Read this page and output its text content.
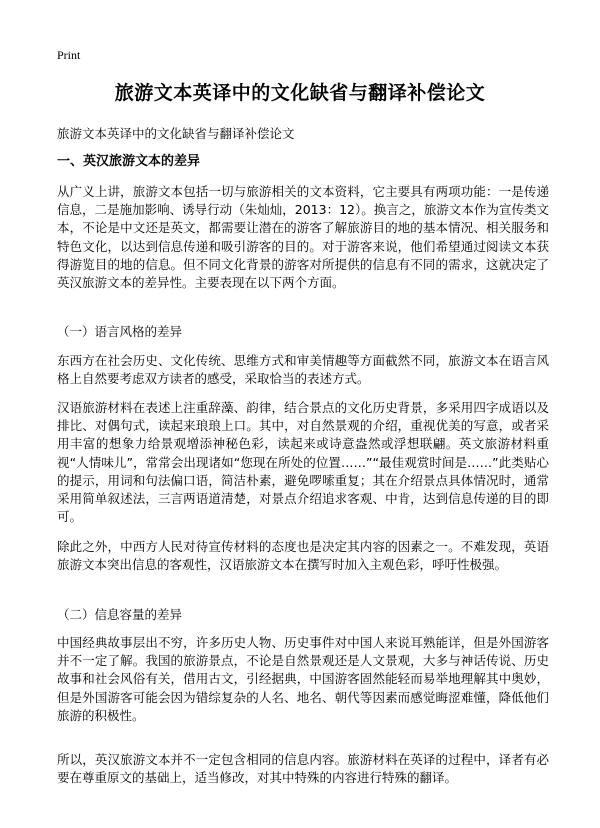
Print
旅游文本英译中的文化缺省与翻译补偿论文
旅游文本英译中的文化缺省与翻译补偿论文
一、英汉旅游文本的差异
从广义上讲，旅游文本包括一切与旅游相关的文本资料，它主要具有两项功能：一是传递信息，二是施加影响、诱导行动（朱灿灿，2013：12）。换言之，旅游文本作为宣传类文本，不论是中文还是英文，都需要让潜在的游客了解旅游目的地的基本情况、相关服务和特色文化，以达到信息传递和吸引游客的目的。对于游客来说，他们希望通过阅读文本获得游览目的地的信息。但不同文化背景的游客对所提供的信息有不同的需求，这就决定了英汉旅游文本的差异性。主要表现在以下两个方面。
（一）语言风格的差异
东西方在社会历史、文化传统、思维方式和审美情趣等方面截然不同，旅游文本在语言风格上自然要考虑双方读者的感受，采取恰当的表述方式。
汉语旅游材料在表述上注重辞藻、韵律，结合景点的文化历史背景，多采用四字成语以及排比、对偶句式，读起来琅琅上口。其中，对自然景观的介绍，重视优美的写意，或者采用丰富的想象力给景观增添神秘色彩，读起来或诗意盎然或浮想联翩。英文旅游材料重视“人情味儿”，常常会出现诸如“您现在所处的位置……”“最佳观赏时间是……”此类贴心的提示，用词和句法偏口语，简洁朴素，避免啰嗦重复；其在介绍景点具体情况时，通常采用简单叙述法，三言两语道清楚，对景点介绍追求客观、中肯，达到信息传递的目的即可。
除此之外，中西方人民对待宣传材料的态度也是决定其内容的因素之一。不难发现，英语旅游文本突出信息的客观性，汉语旅游文本在撰写时加入主观色彩，呼吁性极强。
（二）信息容量的差异
中国经典故事层出不穷，许多历史人物、历史事件对中国人来说耳熟能详，但是外国游客并不一定了解。我国的旅游景点，不论是自然景观还是人文景观，大多与神话传说、历史故事和社会风俗有关，借用古文，引经据典，中国游客固然能轻而易举地理解其中奥妙，但是外国游客可能会因为错综复杂的人名、地名、朝代等因素而感觉晦涩难懂，降低他们旅游的积极性。
所以，英汉旅游文本并不一定包含相同的信息内容。旅游材料在英译的过程中，译者有必要在尊重原文的基础上，适当修改，对其中特殊的内容进行特殊的翻译。
